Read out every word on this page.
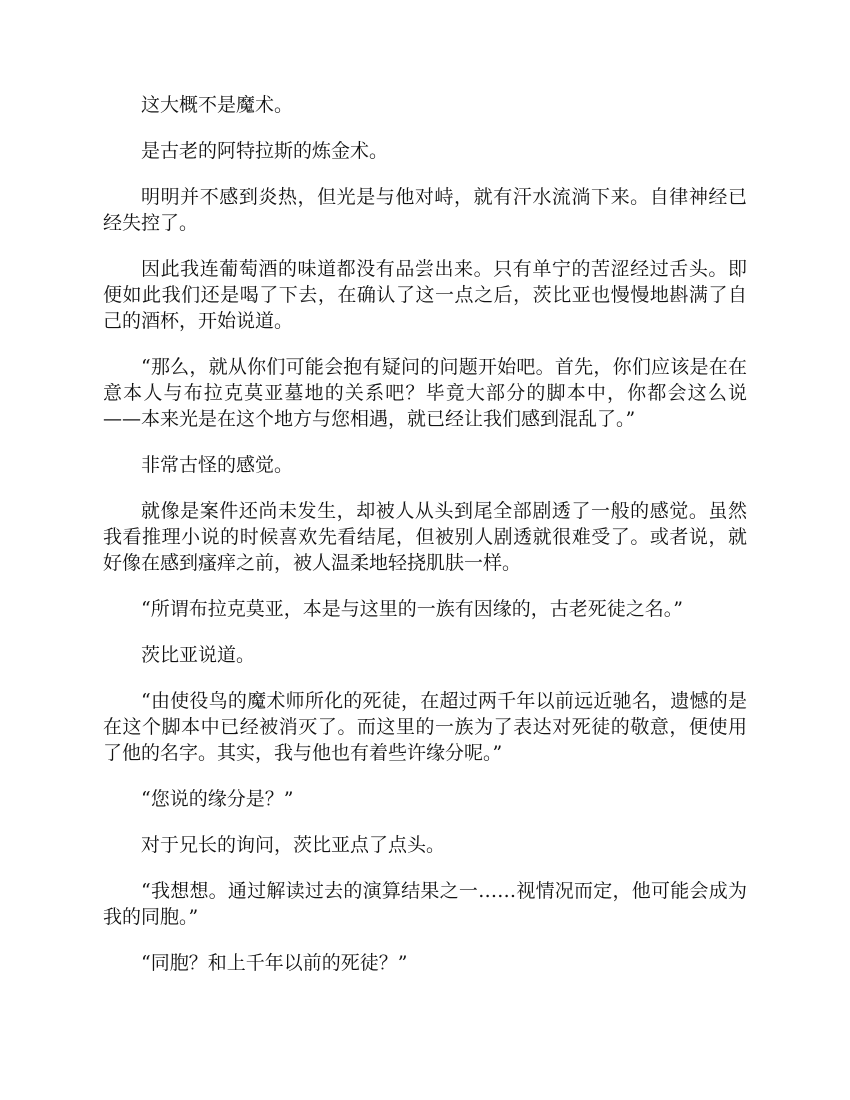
这大概不是魔术。

是古老的阿特拉斯的炼金术。

明明并不感到炎热，但光是与他对峙，就有汗水流淌下来。自律神经已经失控了。

因此我连葡萄酒的味道都没有品尝出来。只有单宁的苦涩经过舌头。即便如此我们还是喝了下去，在确认了这一点之后，茨比亚也慢慢地斟满了自己的酒杯，开始说道。

“那么，就从你们可能会抱有疑问的问题开始吧。首先，你们应该是在在意本人与布拉克莫亚墓地的关系吧？毕竟大部分的脚本中，你都会这么说——本来光是在这个地方与您相遇，就已经让我们感到混乱了。”

非常古怪的感觉。

就像是案件还尚未发生，却被人从头到尾全部剧透了一般的感觉。虽然我看推理小说的时候喜欢先看结尾，但被别人剧透就很难受了。或者说，就好像在感到瘙痒之前，被人温柔地轻挠肌肤一样。

“所谓布拉克莫亚，本是与这里的一族有因缘的，古老死徒之名。”

茨比亚说道。

“由使役鸟的魔术师所化的死徒，在超过两千年以前远近驰名，遗憾的是在这个脚本中已经被消灭了。而这里的一族为了表达对死徒的敬意，便使用了他的名字。其实，我与他也有着些许缘分呢。”

“您说的缘分是？”

对于兄长的询问，茨比亚点了点头。

“我想想。通过解读过去的演算结果之一……视情况而定，他可能会成为我的同胞。”

“同胞？和上千年以前的死徒？”
